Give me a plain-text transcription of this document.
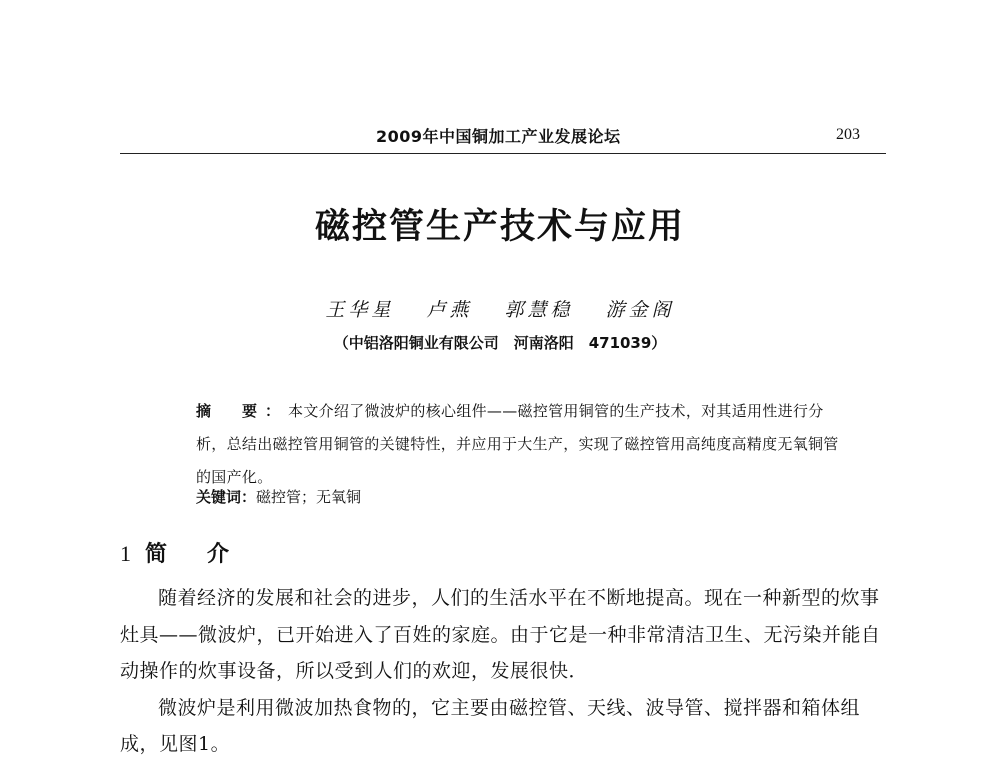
2009年中国铜加工产业发展论坛	203
磁控管生产技术与应用
王华星 卢燕 郭慧稳 游金阁
（中铝洛阳铜业有限公司　河南洛阳　471039）
摘　要：本文介绍了微波炉的核心组件——磁控管用铜管的生产技术，对其适用性进行分析，总结出磁控管用铜管的关键特性，并应用于大生产，实现了磁控管用高纯度高精度无氧铜管的国产化。
关键词：磁控管；无氧铜
1 简介

随着经济的发展和社会的进步，人们的生活水平在不断地提高。现在一种新型的炊事灶具——微波炉，已开始进入了百姓的家庭。由于它是一种非常清洁卫生、无污染并能自动操作的炊事设备，所以受到人们的欢迎，发展很快．

微波炉是利用微波加热食物的，它主要由磁控管、天线、波导管、搅拌器和箱体组成，见图1。
